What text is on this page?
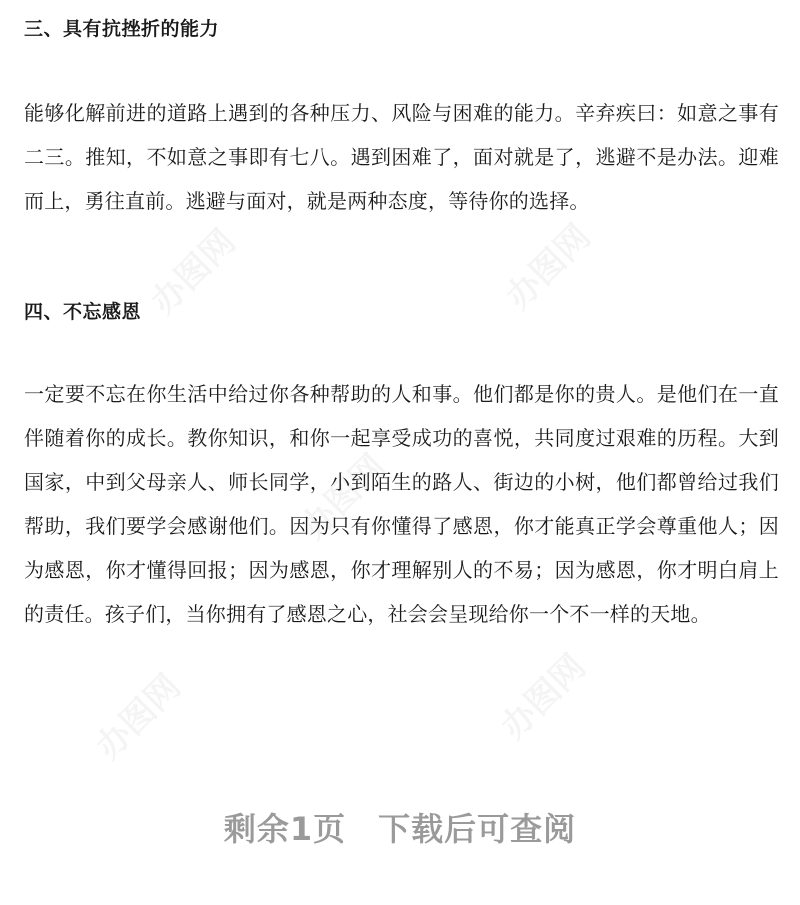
三、具有抗挫折的能力

能够化解前进的道路上遇到的各种压力、风险与困难的能力。辛弃疾曰：如意之事有二三。推知，不如意之事即有七八。遇到困难了，面对就是了，逃避不是办法。迎难而上，勇往直前。逃避与面对，就是两种态度，等待你的选择。

四、不忘感恩

一定要不忘在你生活中给过你各种帮助的人和事。他们都是你的贵人。是他们在一直伴随着你的成长。教你知识，和你一起享受成功的喜悦，共同度过艰难的历程。大到国家，中到父母亲人、师长同学，小到陌生的路人、街边的小树，他们都曾给过我们帮助，我们要学会感谢他们。因为只有你懂得了感恩，你才能真正学会尊重他人；因为感恩，你才懂得回报；因为感恩，你才理解别人的不易；因为感恩，你才明白肩上的责任。孩子们，当你拥有了感恩之心，社会会呈现给你一个不一样的天地。

剩余1页 下载后可查阅
